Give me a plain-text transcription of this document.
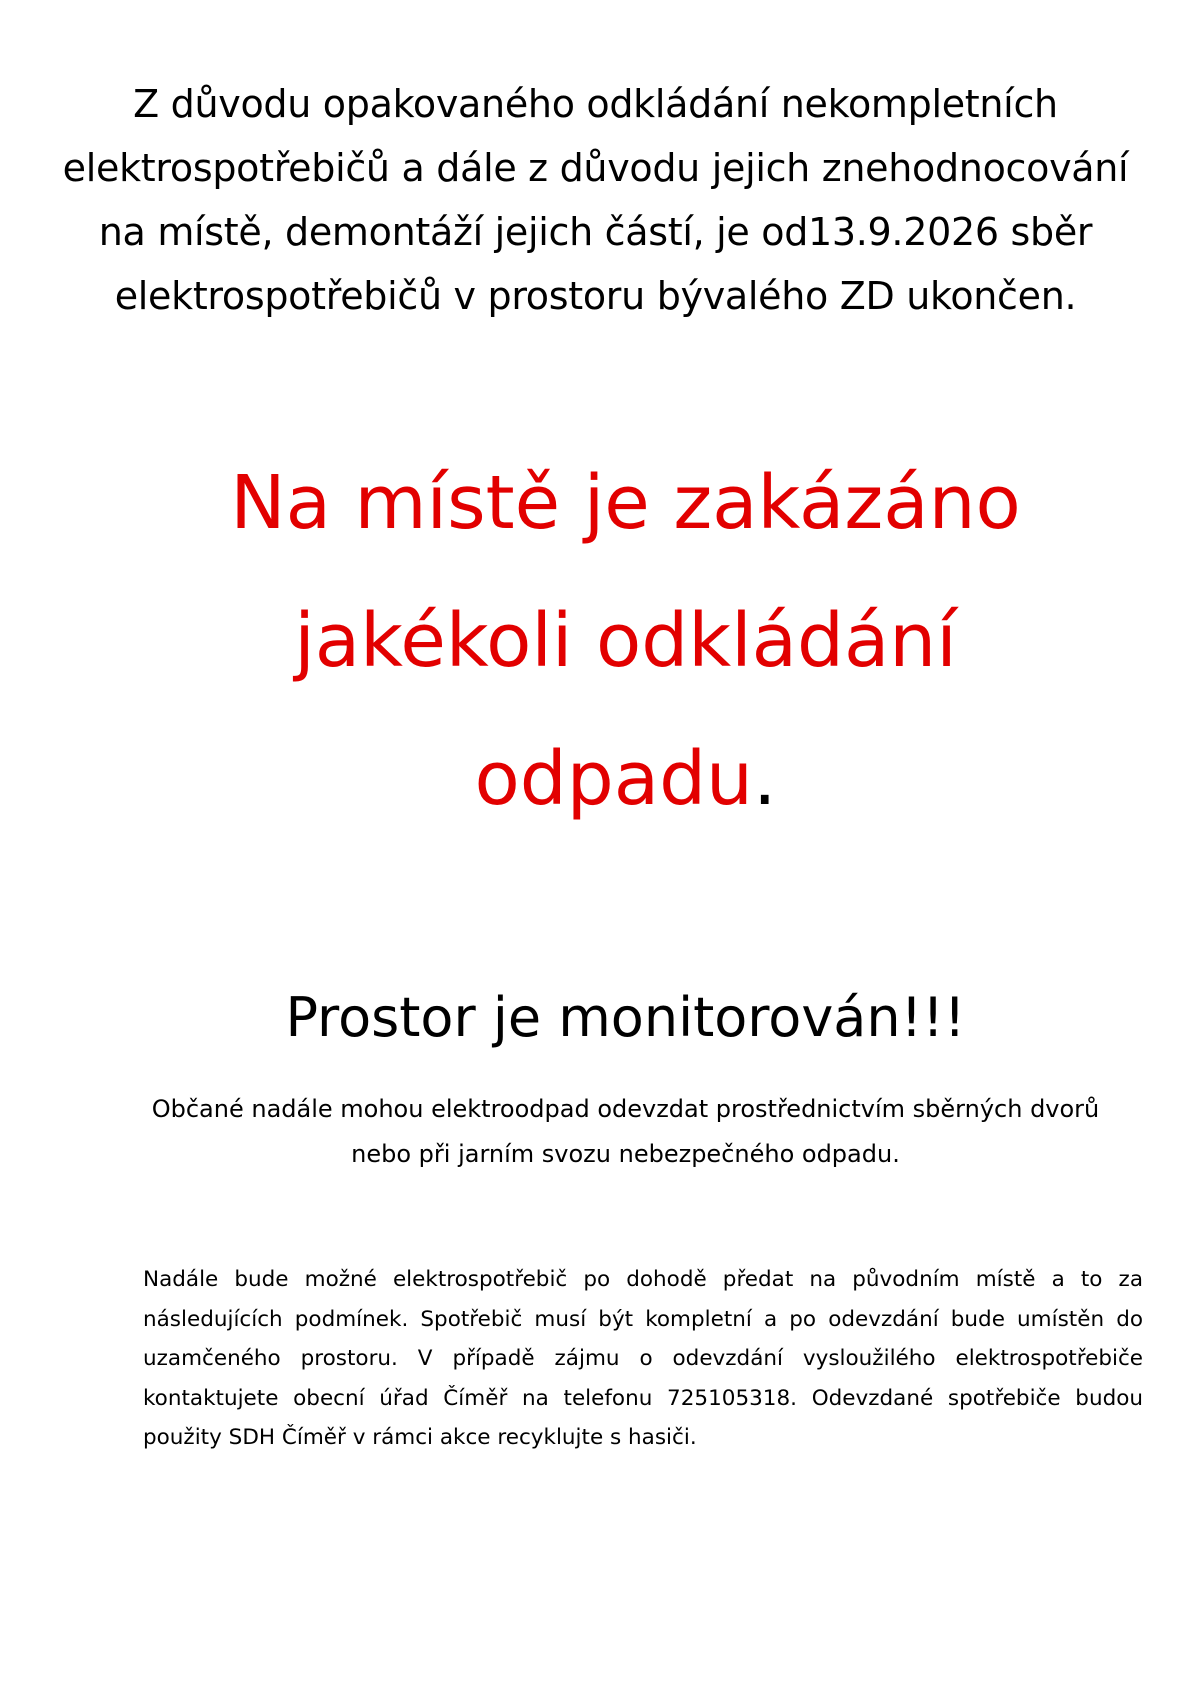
Z důvodu opakovaného odkládání nekompletních elektrospotřebičů a dále z důvodu jejich znehodnocování na místě, demontáží jejich částí, je od13.9.2026 sběr elektrospotřebičů v prostoru bývalého ZD ukončen.

Na místě je zakázáno jakékoli odkládání odpadu.

Prostor je monitorován!!!

Občané nadále mohou elektroodpad odevzdat prostřednictvím sběrných dvorů nebo při jarním svozu nebezpečného odpadu.

Nadále bude možné elektrospotřebič po dohodě předat na původním místě a to za následujících podmínek. Spotřebič musí být kompletní a po odevzdání bude umístěn do uzamčeného prostoru. V případě zájmu o odevzdání vysloužilého elektrospotřebiče kontaktujete obecní úřad Číměř na telefonu 725105318. Odevzdané spotřebiče budou použity SDH Číměř v rámci akce recyklujte s hasiči.
